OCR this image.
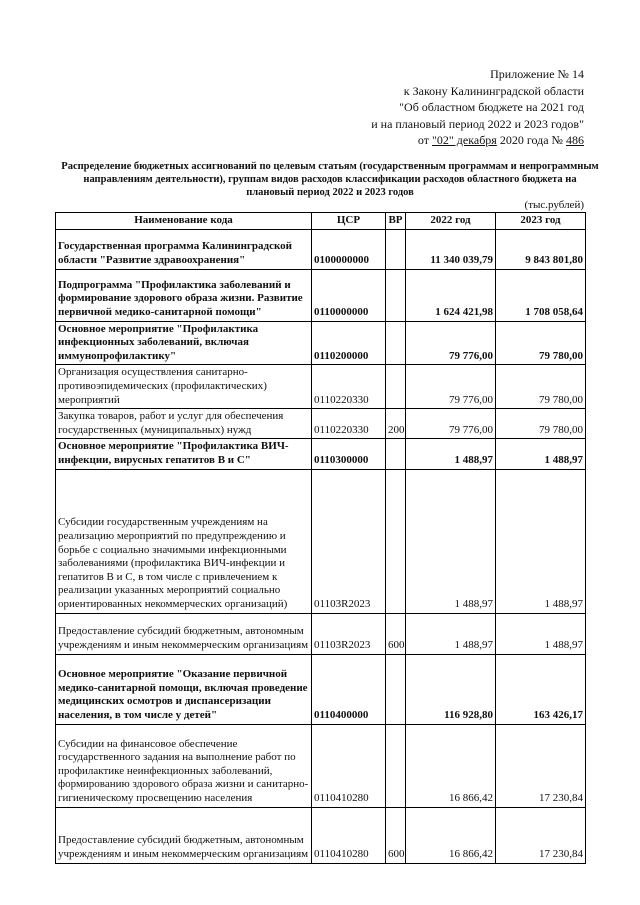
Приложение № 14
к Закону Калининградской области
"Об областном бюджете на 2021 год
и на плановый период 2022 и 2023 годов"
от "02" декабря 2020 года № 486
Распределение бюджетных ассигнований по целевым статьям (государственным программам и непрограммным направлениям деятельности), группам видов расходов классификации расходов областного бюджета на плановый период 2022 и 2023 годов
(тыс.рублей)
Наименование кода	ЦСР	ВР	2022 год	2023 год
Государственная программа Калининградской области "Развитие здравоохранения"	0100000000		11 340 039,79	9 843 801,80
Подпрограмма "Профилактика заболеваний и формирование здорового образа жизни. Развитие первичной медико-санитарной помощи"	0110000000		1 624 421,98	1 708 058,64
Основное мероприятие "Профилактика инфекционных заболеваний, включая иммунопрофилактику"	0110200000		79 776,00	79 780,00
Организация осуществления санитарно-противоэпидемических (профилактических) мероприятий	0110220330		79 776,00	79 780,00
Закупка товаров, работ и услуг для обеспечения государственных (муниципальных) нужд	0110220330	200	79 776,00	79 780,00
Основное мероприятие "Профилактика ВИЧ-инфекции, вирусных гепатитов В и С"	0110300000		1 488,97	1 488,97
Субсидии государственным учреждениям на реализацию мероприятий по предупреждению и борьбе с социально значимыми инфекционными заболеваниями (профилактика ВИЧ-инфекции и гепатитов В и С, в том числе с привлечением к реализации указанных мероприятий социально ориентированных некоммерческих организаций)	01103R2023		1 488,97	1 488,97
Предоставление субсидий бюджетным, автономным учреждениям и иным некоммерческим организациям	01103R2023	600	1 488,97	1 488,97
Основное мероприятие "Оказание первичной медико-санитарной помощи, включая проведение медицинских осмотров и диспансеризации населения, в том числе у детей"	0110400000		116 928,80	163 426,17
Субсидии на финансовое обеспечение государственного задания на выполнение работ по профилактике неинфекционных заболеваний, формированию здорового образа жизни и санитарно-гигиеническому просвещению населения	0110410280		16 866,42	17 230,84
Предоставление субсидий бюджетным, автономным учреждениям и иным некоммерческим организациям	0110410280	600	16 866,42	17 230,84
